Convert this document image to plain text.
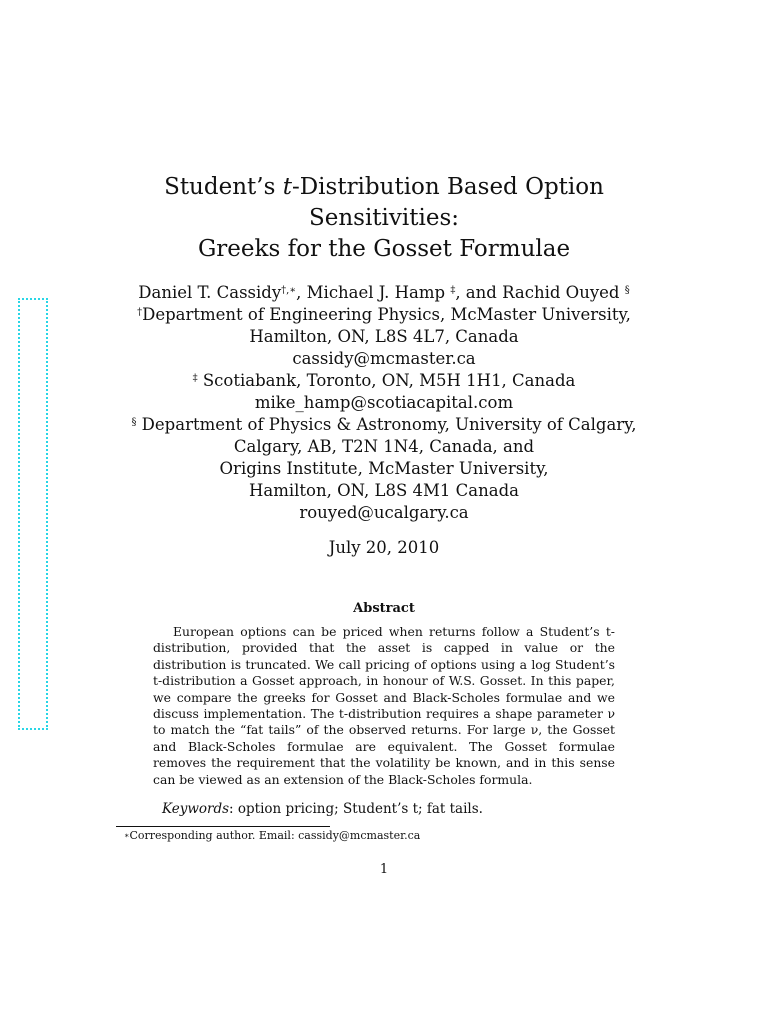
Student’s t-Distribution Based Option
Sensitivities:
Greeks for the Gosset Formulae
Daniel T. Cassidy†,∗, Michael J. Hamp ‡, and Rachid Ouyed §
†Department of Engineering Physics, McMaster University,
Hamilton, ON, L8S 4L7, Canada
cassidy@mcmaster.ca
‡ Scotiabank, Toronto, ON, M5H 1H1, Canada
mike_hamp@scotiacapital.com
§ Department of Physics & Astronomy, University of Calgary,
Calgary, AB, T2N 1N4, Canada, and
Origins Institute, McMaster University,
Hamilton, ON, L8S 4M1 Canada
rouyed@ucalgary.ca
July 20, 2010
Abstract
European options can be priced when returns follow a Student’s t-distribution, provided that the asset is capped in value or the distribution is truncated. We call pricing of options using a log Student’s t-distribution a Gosset approach, in honour of W.S. Gosset. In this paper, we compare the greeks for Gosset and Black-Scholes formulae and we discuss implementation. The t-distribution requires a shape parameter ν to match the “fat tails” of the observed returns. For large ν, the Gosset and Black-Scholes formulae are equivalent. The Gosset formulae removes the requirement that the volatility be known, and in this sense can be viewed as an extension of the Black-Scholes formula.
Keywords: option pricing; Student’s t; fat tails.
∗Corresponding author. Email: cassidy@mcmaster.ca
1
